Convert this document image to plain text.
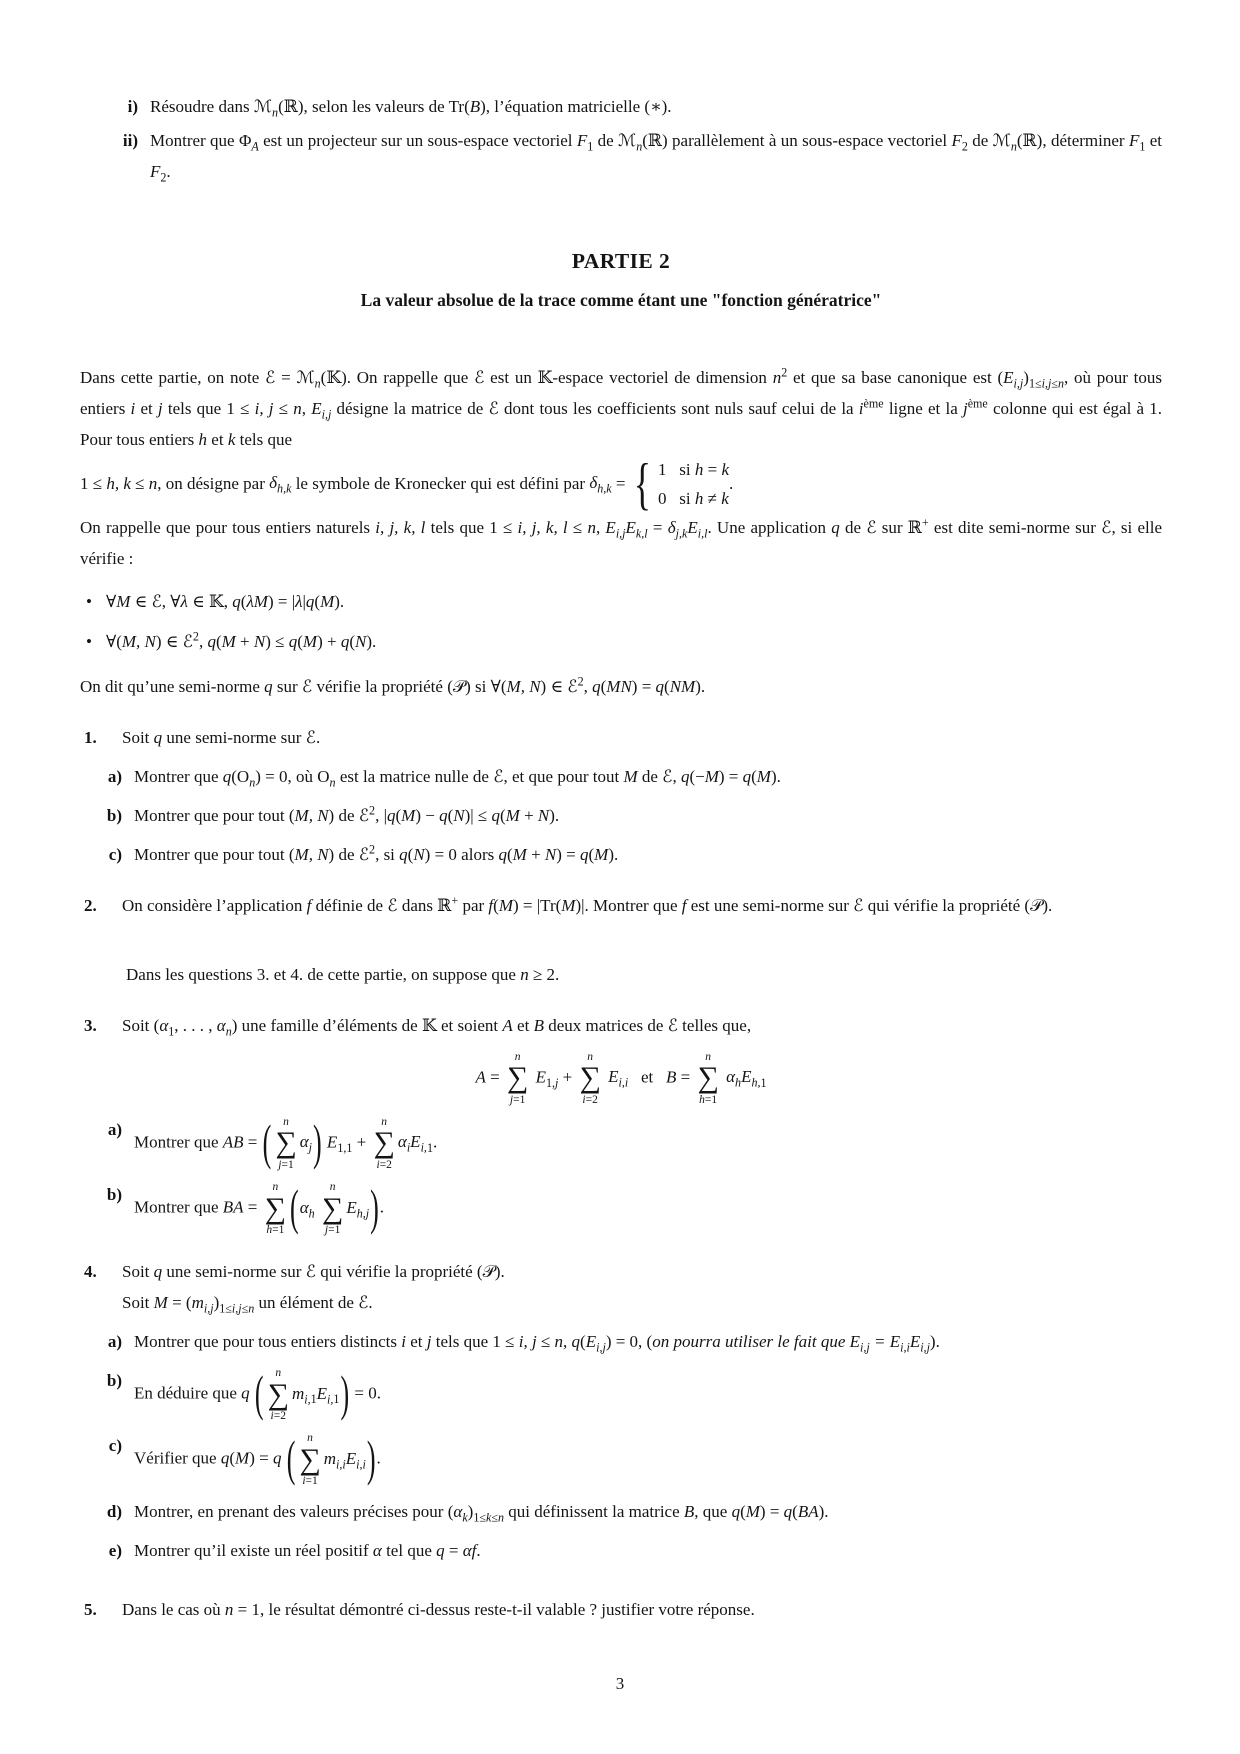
i) Résoudre dans ℳ$_n$(ℝ), selon les valeurs de Tr(B), l’équation matricielle (∗).
ii) Montrer que $\Phi_A$ est un projecteur sur un sous-espace vectoriel $F_1$ de ℳ$_n$(ℝ) parallèlement à un sous-espace vectoriel $F_2$ de ℳ$_n$(ℝ), déterminer $F_1$ et $F_2$.
PARTIE 2
La valeur absolue de la trace comme étant une "fonction génératrice"

Dans cette partie, on note ℰ = ℳ$_n$(𝕂). On rappelle que ℰ est un 𝕂-espace vectoriel de dimension $n^2$ et que sa base canonique est $(E_{i,j})_{1\le i,j\le n}$, où pour tous entiers i et j tels que 1 ≤ i, j ≤ n, $E_{i,j}$ désigne la matrice de ℰ dont tous les coefficients sont nuls sauf celui de la $i^{ème}$ ligne et la $j^{ème}$ colonne qui est égal à 1. Pour tous entiers h et k tels que

1 ≤ h, k ≤ n, on désigne par $\delta_{h,k}$ le symbole de Kronecker qui est défini par $\delta_{h,k}$ = { 1   si h = k
0   si h ≠ k
.

On rappelle que pour tous entiers naturels i, j, k, l tels que 1 ≤ i, j, k, l ≤ n, $E_{i,j}E_{k,l} = \delta_{j,k}E_{i,l}$. Une application q de ℰ sur ℝ+ est dite semi-norme sur ℰ, si elle vérifie :

• ∀M ∈ ℰ, ∀λ ∈ 𝕂, q(λM) = |λ|q(M).
• ∀(M, N) ∈ ℰ$^2$, q(M + N) ≤ q(M) + q(N).

On dit qu’une semi-norme q sur ℰ vérifie la propriété (𝒫) si ∀(M, N) ∈ ℰ$^2$, q(MN) = q(NM).

1.	Soit q une semi-norme sur ℰ.
a) Montrer que $q(O_n) = 0$, où $O_n$ est la matrice nulle de ℰ, et que pour tout M de ℰ, q(−M) = q(M).
b) Montrer que pour tout (M, N) de ℰ$^2$, |q(M) − q(N)| ≤ q(M + N).
c) Montrer que pour tout (M, N) de ℰ$^2$, si q(N) = 0 alors q(M + N) = q(M).
2.	On considère l’application f définie de ℰ dans ℝ+ par f(M) = |Tr(M)|. Montrer que f est une semi-norme sur ℰ qui vérifie la propriété (𝒫).

Dans les questions 3. et 4. de cette partie, on suppose que n ≥ 2.

3.	Soit ($\alpha_1$, . . . , $\alpha_n$) une famille d’éléments de 𝕂 et soient A et B deux matrices de ℰ telles que,
A =
n
∑
j=1
$E_{1,j}$ +
n
∑
i=2
$E_{i,i}$   et   B =
n
∑
h=1
$\alpha_hE_{h,1}$
a)
Montrer que AB = ( n
∑
j=1
$\alpha_j$) $E_{1,1}$ +
n
∑
i=2
$\alpha_iE_{i,1}$.
b)
Montrer que BA =
n
∑
h=1 ($\alpha_h$
n
∑
j=1
$E_{h,j}$).
4.	Soit q une semi-norme sur ℰ qui vérifie la propriété (𝒫).
Soit $M = (m_{i,j})_{1\le i,j\le n}$ un élément de ℰ.
a) Montrer que pour tous entiers distincts i et j tels que 1 ≤ i, j ≤ n, $q(E_{i,j}) = 0$, (on pourra utiliser le fait que $E_{i,j} = E_{i,i}E_{i,j}$).
b)
En déduire que q ( n
∑
i=2
$m_{i,1}E_{i,1}) = 0$.
c)
Vérifier que q(M) = q ( n
∑
i=1
$m_{i,i}E_{i,i}$).
d) Montrer, en prenant des valeurs précises pour $(\alpha_k)_{1\le k\le n}$ qui définissent la matrice B, que q(M) = q(BA).
e) Montrer qu’il existe un réel positif α tel que q = αf.
5.	Dans le cas où n = 1, le résultat démontré ci-dessus reste-t-il valable ? justifier votre réponse.
3
